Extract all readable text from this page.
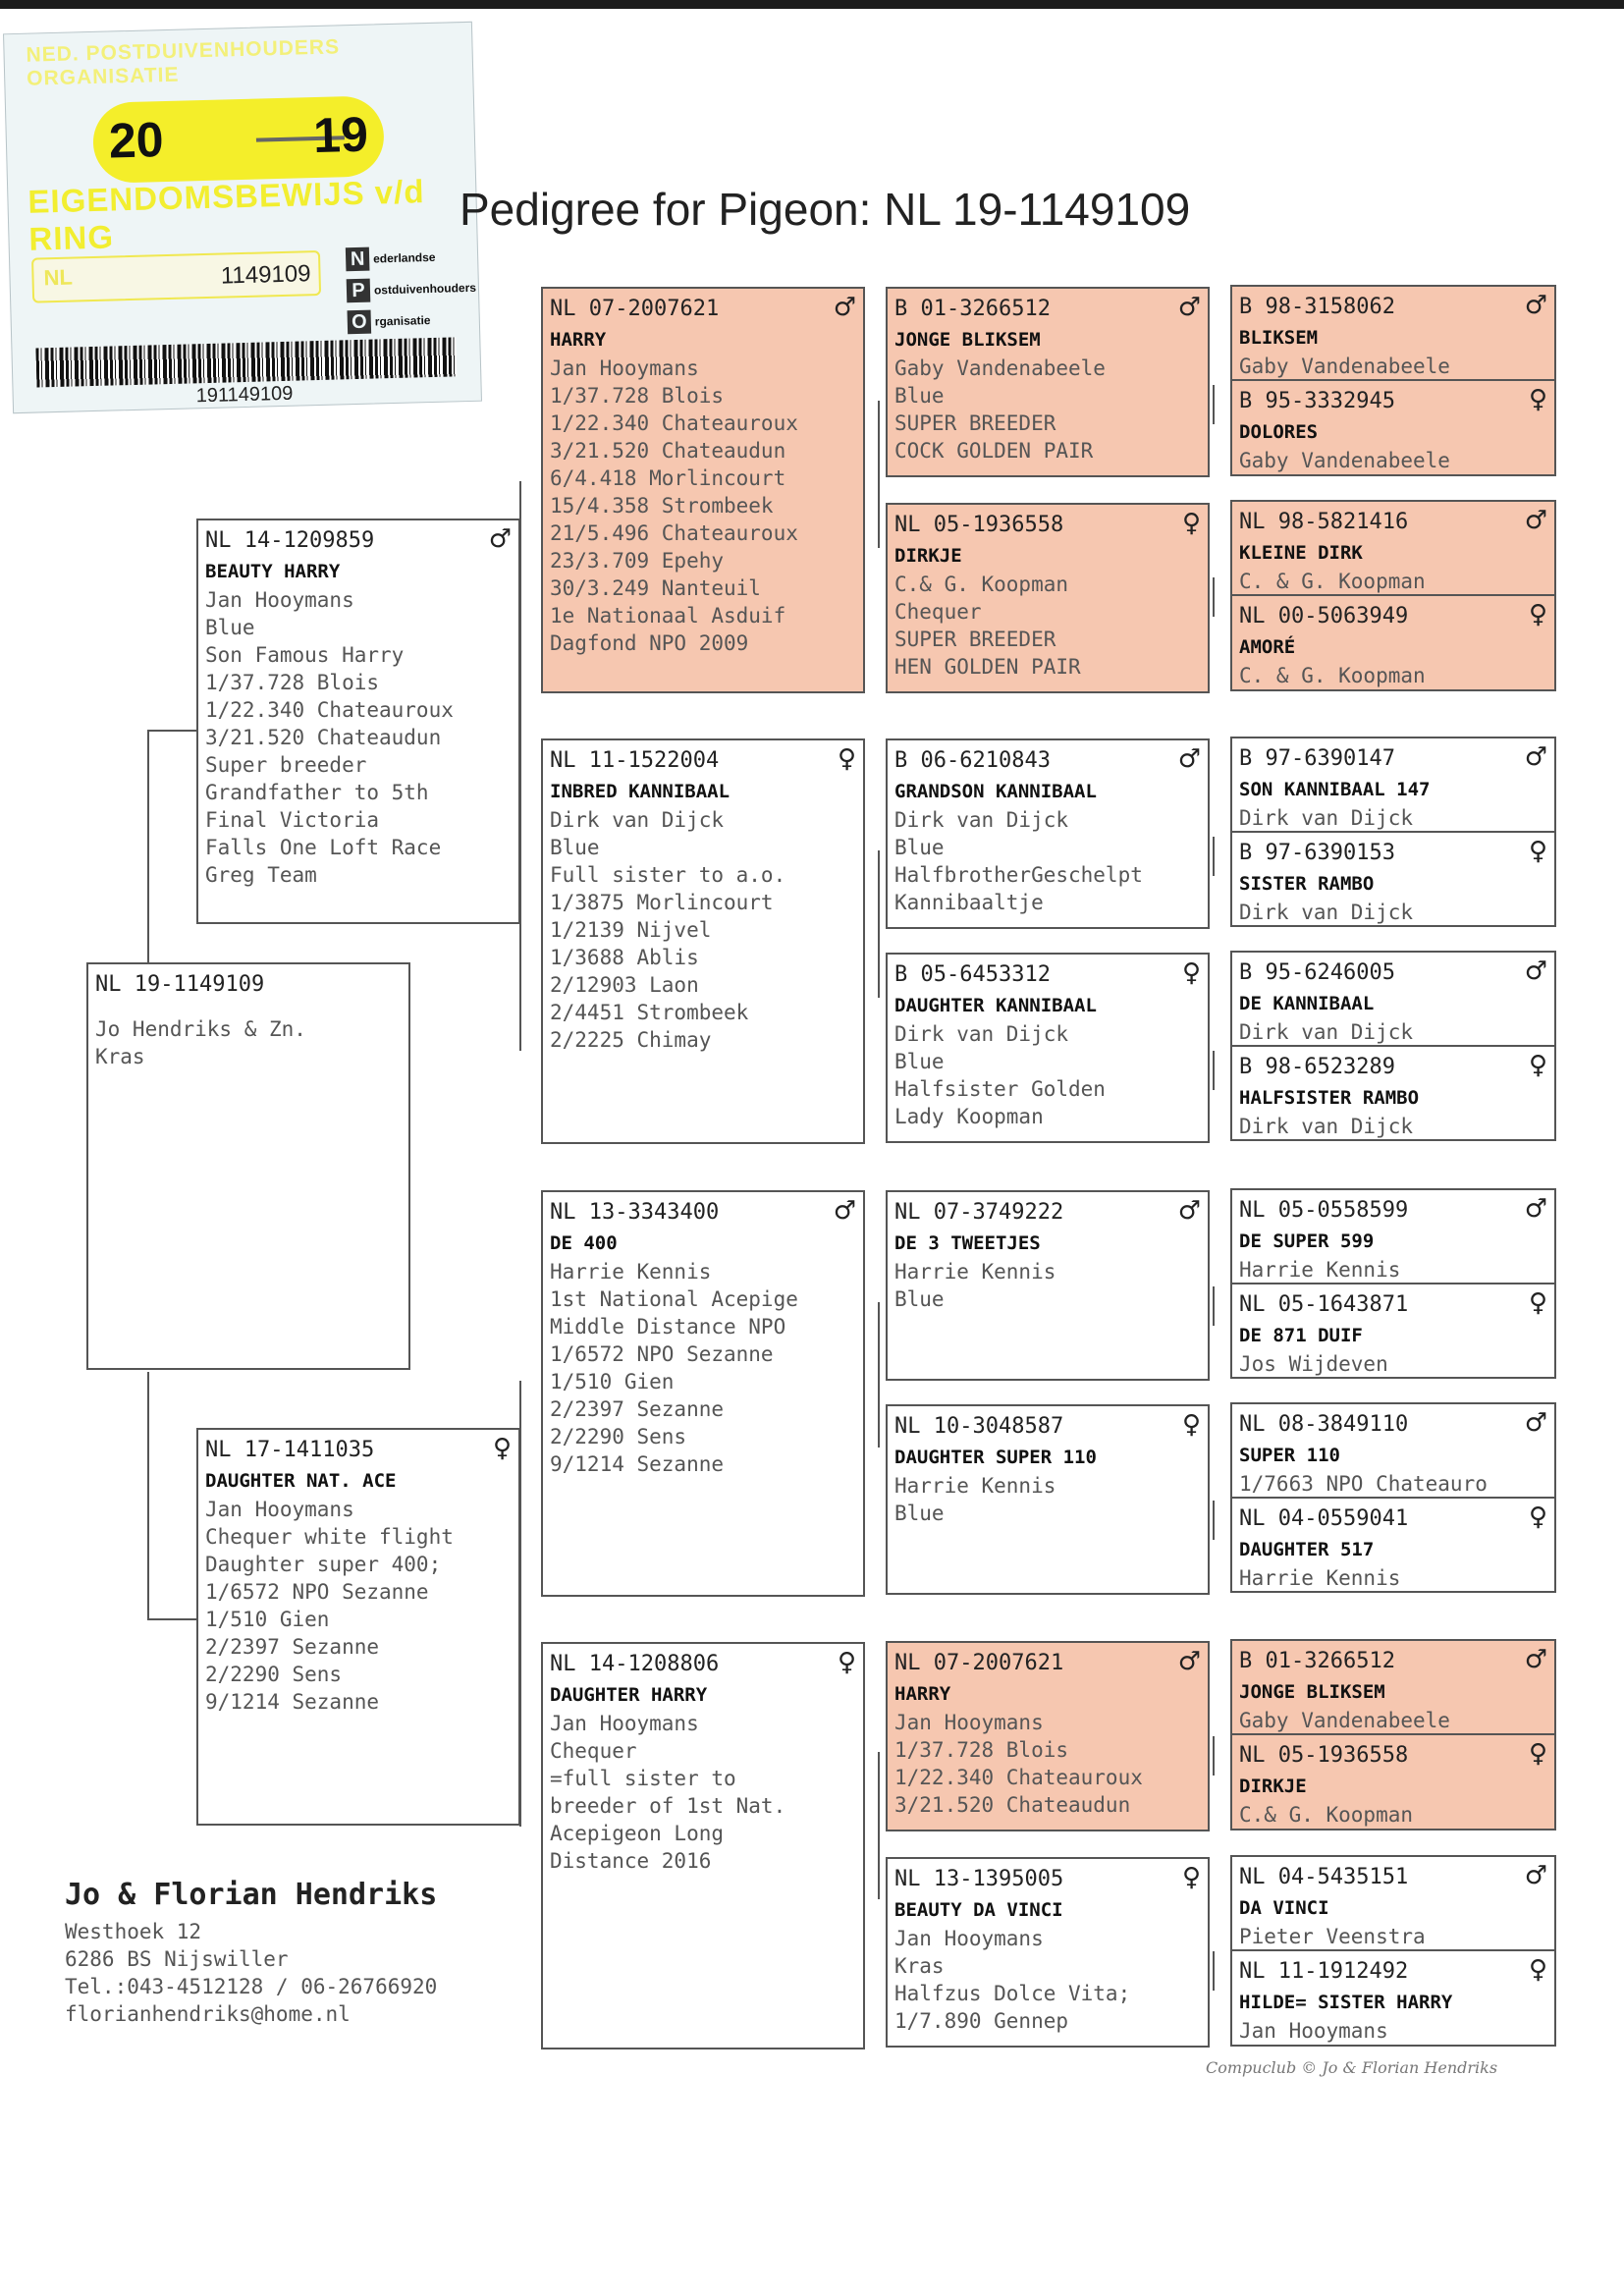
NED. POSTDUIVENHOUDERS ORGANISATIE
20	19
EIGENDOMSBEWIJS v/d RING
NL	1149109
N ederlandse
P ostduivenhouders
O rganisatie
191149109
Pedigree for Pigeon: NL 19-1149109
NL 19-1149109
Jo Hendriks & Zn.
Kras
NL 14-1209859	♂
BEAUTY HARRY
Jan Hooymans
Blue
Son Famous Harry
1/37.728 Blois
1/22.340 Chateauroux
3/21.520 Chateaudun
Super breeder
Grandfather to 5th
Final Victoria
Falls One Loft Race
Greg Team
NL 17-1411035	♀
DAUGHTER NAT. ACE
Jan Hooymans
Chequer white flight
Daughter super 400;
1/6572 NPO Sezanne
1/510 Gien
2/2397 Sezanne
2/2290 Sens
9/1214 Sezanne
NL 07-2007621	♂
HARRY
Jan Hooymans
1/37.728 Blois
1/22.340 Chateauroux
3/21.520 Chateaudun
6/4.418 Morlincourt
15/4.358 Strombeek
21/5.496 Chateauroux
23/3.709 Epehy
30/3.249 Nanteuil
1e Nationaal Asduif
Dagfond NPO 2009
NL 11-1522004	♀
INBRED KANNIBAAL
Dirk van Dijck
Blue
Full sister to a.o.
1/3875 Morlincourt
1/2139 Nijvel
1/3688 Ablis
2/12903 Laon
2/4451 Strombeek
2/2225 Chimay
NL 13-3343400	♂
DE 400
Harrie Kennis
1st National Acepige
Middle Distance NPO
1/6572 NPO Sezanne
1/510 Gien
2/2397 Sezanne
2/2290 Sens
9/1214 Sezanne
NL 14-1208806	♀
DAUGHTER HARRY
Jan Hooymans
Chequer
=full sister to
breeder of 1st Nat.
Acepigeon Long
Distance 2016
B 01-3266512	♂
JONGE BLIKSEM
Gaby Vandenabeele
Blue
SUPER BREEDER
COCK GOLDEN PAIR
NL 05-1936558	♀
DIRKJE
C.& G. Koopman
Chequer
SUPER BREEDER
HEN GOLDEN PAIR
B 06-6210843	♂
GRANDSON KANNIBAAL
Dirk van Dijck
Blue
HalfbrotherGeschelpt
Kannibaaltje
B 05-6453312	♀
DAUGHTER KANNIBAAL
Dirk van Dijck
Blue
Halfsister Golden
Lady Koopman
NL 07-3749222	♂
DE 3 TWEETJES
Harrie Kennis
Blue
NL 10-3048587	♀
DAUGHTER SUPER 110
Harrie Kennis
Blue
NL 07-2007621	♂
HARRY
Jan Hooymans
1/37.728 Blois
1/22.340 Chateauroux
3/21.520 Chateaudun
NL 13-1395005	♀
BEAUTY DA VINCI
Jan Hooymans
Kras
Halfzus Dolce Vita;
1/7.890 Gennep
B 98-3158062	♂
BLIKSEM
Gaby Vandenabeele
B 95-3332945	♀
DOLORES
Gaby Vandenabeele
NL 98-5821416	♂
KLEINE DIRK
C. & G. Koopman
NL 00-5063949	♀
AMORÉ
C. & G. Koopman
B 97-6390147	♂
SON KANNIBAAL 147
Dirk van Dijck
B 97-6390153	♀
SISTER RAMBO
Dirk van Dijck
B 95-6246005	♂
DE KANNIBAAL
Dirk van Dijck
B 98-6523289	♀
HALFSISTER RAMBO
Dirk van Dijck
NL 05-0558599	♂
DE SUPER 599
Harrie Kennis
NL 05-1643871	♀
DE 871 DUIF
Jos Wijdeven
NL 08-3849110	♂
SUPER 110
1/7663 NPO Chateauro
NL 04-0559041	♀
DAUGHTER 517
Harrie Kennis
B 01-3266512	♂
JONGE BLIKSEM
Gaby Vandenabeele
NL 05-1936558	♀
DIRKJE
C.& G. Koopman
NL 04-5435151	♂
DA VINCI
Pieter Veenstra
NL 11-1912492	♀
HILDE= SISTER HARRY
Jan Hooymans
Jo & Florian Hendriks
Westhoek 12
6286 BS Nijswiller
Tel.:043-4512128 / 06-26766920
florianhendriks@home.nl
Compuclub © Jo & Florian Hendriks
